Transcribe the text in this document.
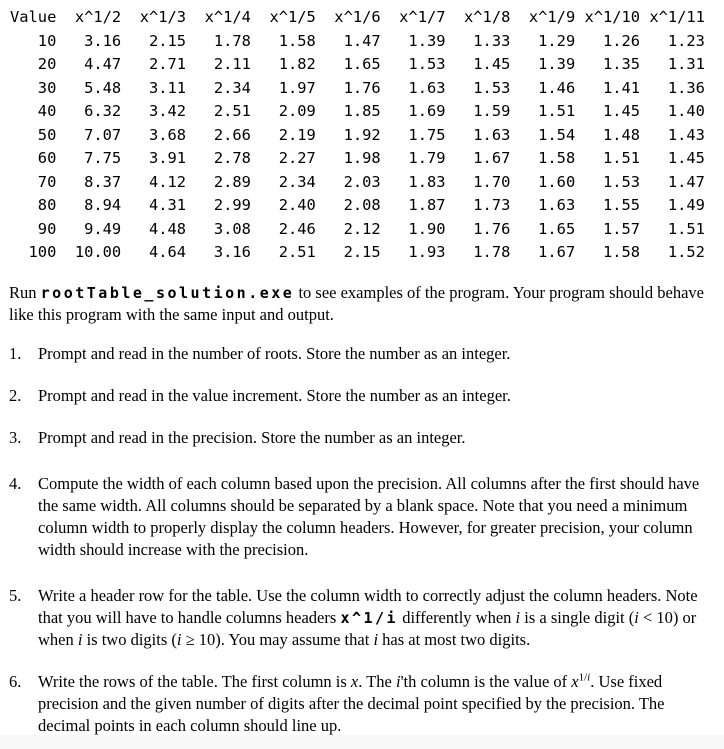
Value	x^1/2	x^1/3	x^1/4	x^1/5	x^1/6	x^1/7	x^1/8	x^1/9	x^1/10	x^1/11
10	3.16	2.15	1.78	1.58	1.47	1.39	1.33	1.29	1.26	1.23
20	4.47	2.71	2.11	1.82	1.65	1.53	1.45	1.39	1.35	1.31
30	5.48	3.11	2.34	1.97	1.76	1.63	1.53	1.46	1.41	1.36
40	6.32	3.42	2.51	2.09	1.85	1.69	1.59	1.51	1.45	1.40
50	7.07	3.68	2.66	2.19	1.92	1.75	1.63	1.54	1.48	1.43
60	7.75	3.91	2.78	2.27	1.98	1.79	1.67	1.58	1.51	1.45
70	8.37	4.12	2.89	2.34	2.03	1.83	1.70	1.60	1.53	1.47
80	8.94	4.31	2.99	2.40	2.08	1.87	1.73	1.63	1.55	1.49
90	9.49	4.48	3.08	2.46	2.12	1.90	1.76	1.65	1.57	1.51
100	10.00	4.64	3.16	2.51	2.15	1.93	1.78	1.67	1.58	1.52

Run rootTable_solution.exe to see examples of the program. Your program should behave like this program with the same input and output.

1.	Prompt and read in the number of roots. Store the number as an integer.
2.	Prompt and read in the value increment. Store the number as an integer.
3.	Prompt and read in the precision. Store the number as an integer.
4.	Compute the width of each column based upon the precision. All columns after the first should have the same width. All columns should be separated by a blank space. Note that you need a minimum column width to properly display the column headers. However, for greater precision, your column width should increase with the precision.
5.	Write a header row for the table. Use the column width to correctly adjust the column headers. Note that you will have to handle columns headers x^1/i differently when i is a single digit (i < 10) or when i is two digits (i ≥ 10). You may assume that i has at most two digits.
6.	Write the rows of the table. The first column is x. The i'th column is the value of $x^{1/i}$. Use fixed precision and the given number of digits after the decimal point specified by the precision. The decimal points in each column should line up.
